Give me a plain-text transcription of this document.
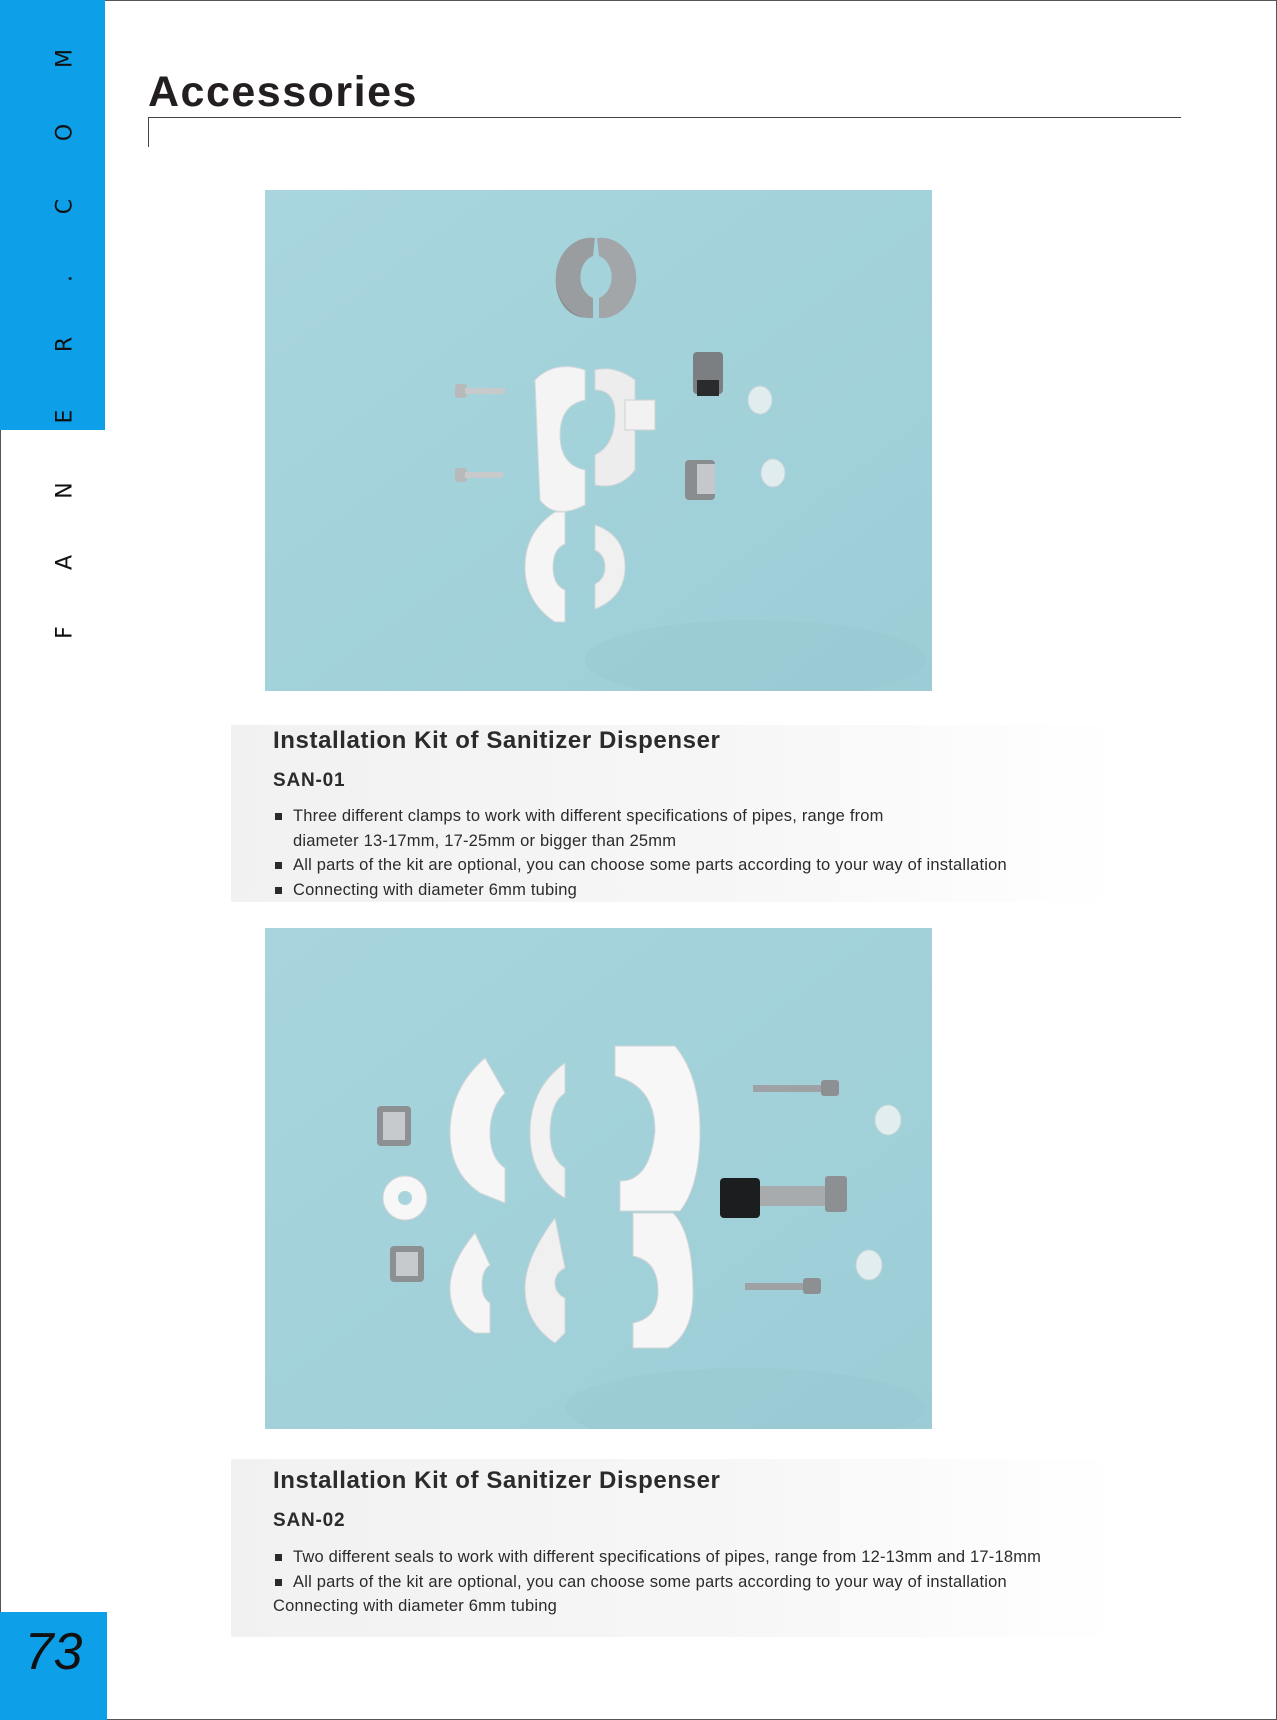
M
O
C
.
R
E
N
A
F
73
Accessories
Installation Kit of Sanitizer Dispenser
SAN-01
Three different clamps to work with different specifications of pipes, range from
diameter 13-17mm, 17-25mm or bigger than 25mm
All parts of the kit are optional, you can choose some parts according to your way of installation
Connecting with diameter 6mm tubing
Installation Kit of Sanitizer Dispenser
SAN-02
Two different seals to work with different specifications of pipes, range from 12-13mm and 17-18mm
All parts of the kit are optional, you can choose some parts according to your way of installation
Connecting with diameter 6mm tubing
